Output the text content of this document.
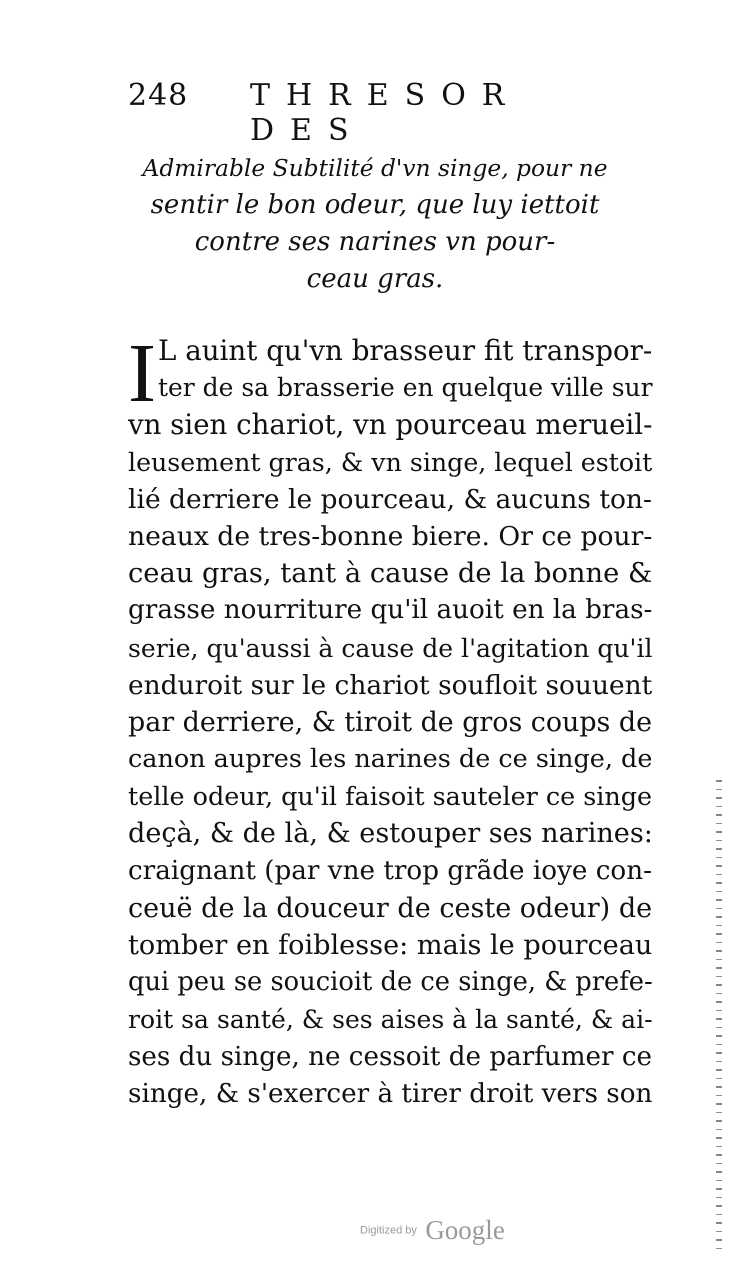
248 THRESOR DES
Admirable Subtilité d'vn singe, pour ne
sentir le bon odeur, que luy iettoit
contre ses narines vn pour-
ceau gras.
I L auint qu'vn brasseur fit transpor-
ter de sa brasserie en quelque ville sur
vn sien chariot, vn pourceau merueil-
leusement gras, & vn singe, lequel estoit
lié derriere le pourceau, & aucuns ton-
neaux de tres-bonne biere. Or ce pour-
ceau gras, tant à cause de la bonne &
grasse nourriture qu'il auoit en la bras-
serie, qu'aussi à cause de l'agitation qu'il
enduroit sur le chariot soufloit souuent
par derriere, & tiroit de gros coups de
canon aupres les narines de ce singe, de
telle odeur, qu'il faisoit sauteler ce singe
deçà, & de là, & estouper ses narines:
craignant (par vne trop grãde ioye con-
ceuë de la douceur de ceste odeur) de
tomber en foiblesse: mais le pourceau
qui peu se soucioit de ce singe, & prefe-
roit sa santé, & ses aises à la santé, & ai-
ses du singe, ne cessoit de parfumer ce
singe, & s'exercer à tirer droit vers son
Digitized by Google
